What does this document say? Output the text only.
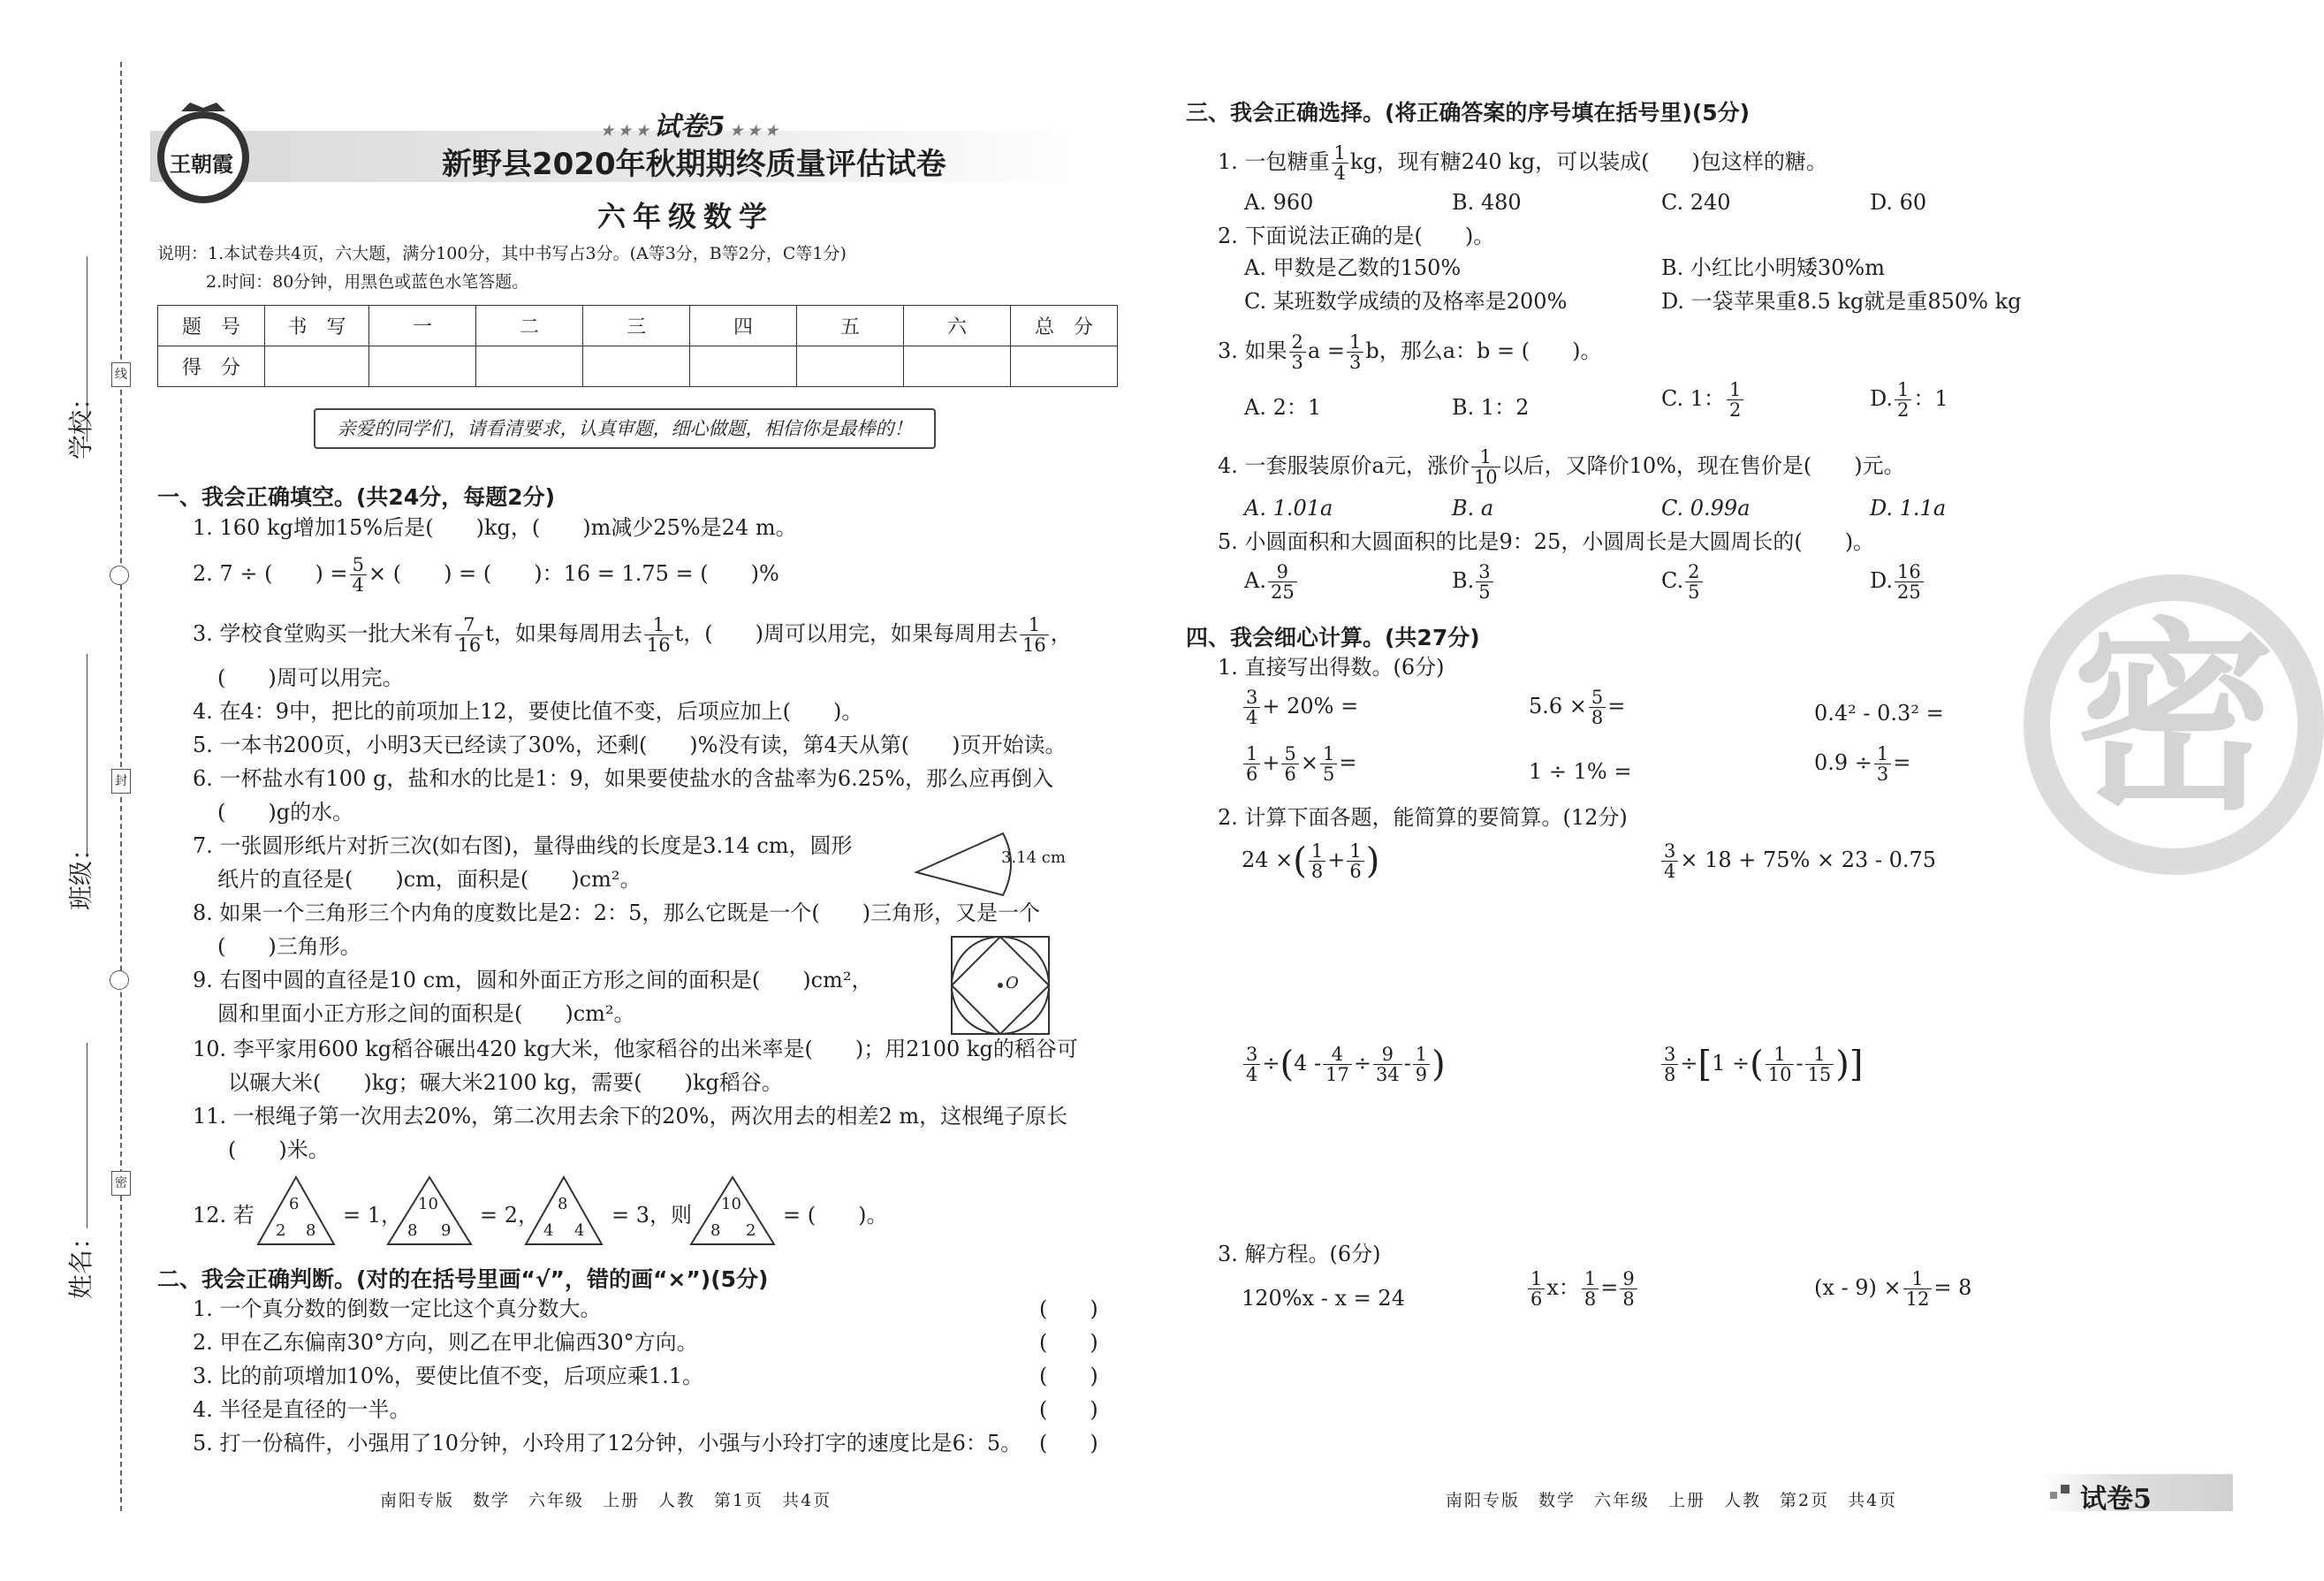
学校：
班级：
姓名：
线
封
密
王朝霞
★ ★ ★ 试卷5 ★ ★ ★
新野县2020年秋期期终质量评估试卷
六年级数学
说明：1.本试卷共4页，六大题，满分100分，其中书写占3分。(A等3分，B等2分，C等1分)
2.时间：80分钟，用黑色或蓝色水笔答题。
题　号	书　写	一	二	三	四	五	六	总　分
得　分								
亲爱的同学们，请看清要求，认真审题，细心做题，相信你是最棒的！
一、我会正确填空。(共24分，每题2分)
1. 160 kg增加15%后是(　　)kg，(　　)m减少25%是24 m。
2. 7 ÷ (　　) = $\frac{5}{4}$ × (　　) = (　　)：16 = 1.75 = (　　)%
3. 学校食堂购买一批大米有 $\frac{7}{16}$ t，如果每周用去 $\frac{1}{16}$ t，(　　)周可以用完，如果每周用去 $\frac{1}{16}$ ，
(　　)周可以用完。
4. 在4：9中，把比的前项加上12，要使比值不变，后项应加上(　　)。
5. 一本书200页，小明3天已经读了30%，还剩(　　)%没有读，第4天从第(　　)页开始读。
6. 一杯盐水有100 g，盐和水的比是1：9，如果要使盐水的含盐率为6.25%，那么应再倒入
(　　)g的水。
7. 一张圆形纸片对折三次(如右图)，量得曲线的长度是3.14 cm，圆形
纸片的直径是(　　)cm，面积是(　　)cm²。
3.14 cm
8. 如果一个三角形三个内角的度数比是2：2：5，那么它既是一个(　　)三角形，又是一个
(　　)三角形。
O
9. 右图中圆的直径是10 cm，圆和外面正方形之间的面积是(　　)cm²，
圆和里面小正方形之间的面积是(　　)cm²。
10. 李平家用600 kg稻谷碾出420 kg大米，他家稻谷的出米率是(　　)；用2100 kg的稻谷可
以碾大米(　　)kg；碾大米2100 kg，需要(　　)kg稻谷。
11. 一根绳子第一次用去20%，第二次用去余下的20%，两次用去的相差2 m，这根绳子原长
(　　)米。
12. 若 6
2 8
= 1， 10
8 9
= 2， 8
4 4
= 3，则 10
8 2
= (　　)。
二、我会正确判断。(对的在括号里画“√”，错的画“×”)(5分)
1. 一个真分数的倒数一定比这个真分数大。	(　　)
2. 甲在乙东偏南30°方向，则乙在甲北偏西30°方向。	(　　)
3. 比的前项增加10%，要使比值不变，后项应乘1.1。	(　　)
4. 半径是直径的一半。	(　　)
5. 打一份稿件，小强用了10分钟，小玲用了12分钟，小强与小玲打字的速度比是6：5。 (　　)
南阳专版　数学　六年级　上册　人教　第1页　共4页
三、我会正确选择。(将正确答案的序号填在括号里)(5分)
1. 一包糖重 $\frac{1}{4}$ kg，现有糖240 kg，可以装成(　　)包这样的糖。
A. 960	B. 480	C. 240	D. 60
2. 下面说法正确的是(　　)。
A. 甲数是乙数的150%	B. 小红比小明矮30%m
C. 某班数学成绩的及格率是200%	D. 一袋苹果重8.5 kg就是重850% kg
3. 如果 $\frac{2}{3}$ $a = \frac{1}{3}$ b，那么a：b = (　　)。
A. 2：1	B. 1：2	C. 1： $\frac{1}{2}$	D. $\frac{1}{2}$ ：1
4. 一套服装原价a元，涨价 $\frac{1}{10}$ 以后，又降价10%，现在售价是(　　)元。
A. 1.01a	B. a	C. 0.99a	D. 1.1a
5. 小圆面积和大圆面积的比是9：25，小圆周长是大圆周长的(　　)。
A. $\frac{9}{25}$	B. $\frac{3}{5}$	C. $\frac{2}{5}$	D. $\frac{16}{25}$
四、我会细心计算。(共27分)
1. 直接写出得数。(6分)
$\frac{3}{4} + 20\%$ =	$5.6 \times \frac{5}{8}$ =	0.4² - 0.3² =
$\frac{1}{6} + \frac{5}{6} \times \frac{1}{5}$ =	1 ÷ 1% =	$0.9 \div \frac{1}{3}$ =
2. 计算下面各题，能简算的要简算。(12分)
24 ×( $\frac{1}{8} + \frac{1}{6}$ )	$\frac{3}{4} \times 18 + 75\% \times 23 - 0.75$
$\frac{3}{4} \div(4 - \frac{4}{17} \div \frac{9}{34} - \frac{1}{9}$ )	$\frac{3}{8} \div[1$ ÷( $\frac{1}{10} - \frac{1}{15}$ )]
3. 解方程。(6分)
120%x - x = 24	$\frac{1}{6}$ x： $\frac{1}{8} = \frac{9}{8}$	$(x - 9) \times \frac{1}{12} = 8$
密
南阳专版　数学　六年级　上册　人教　第2页　共4页	试卷5
